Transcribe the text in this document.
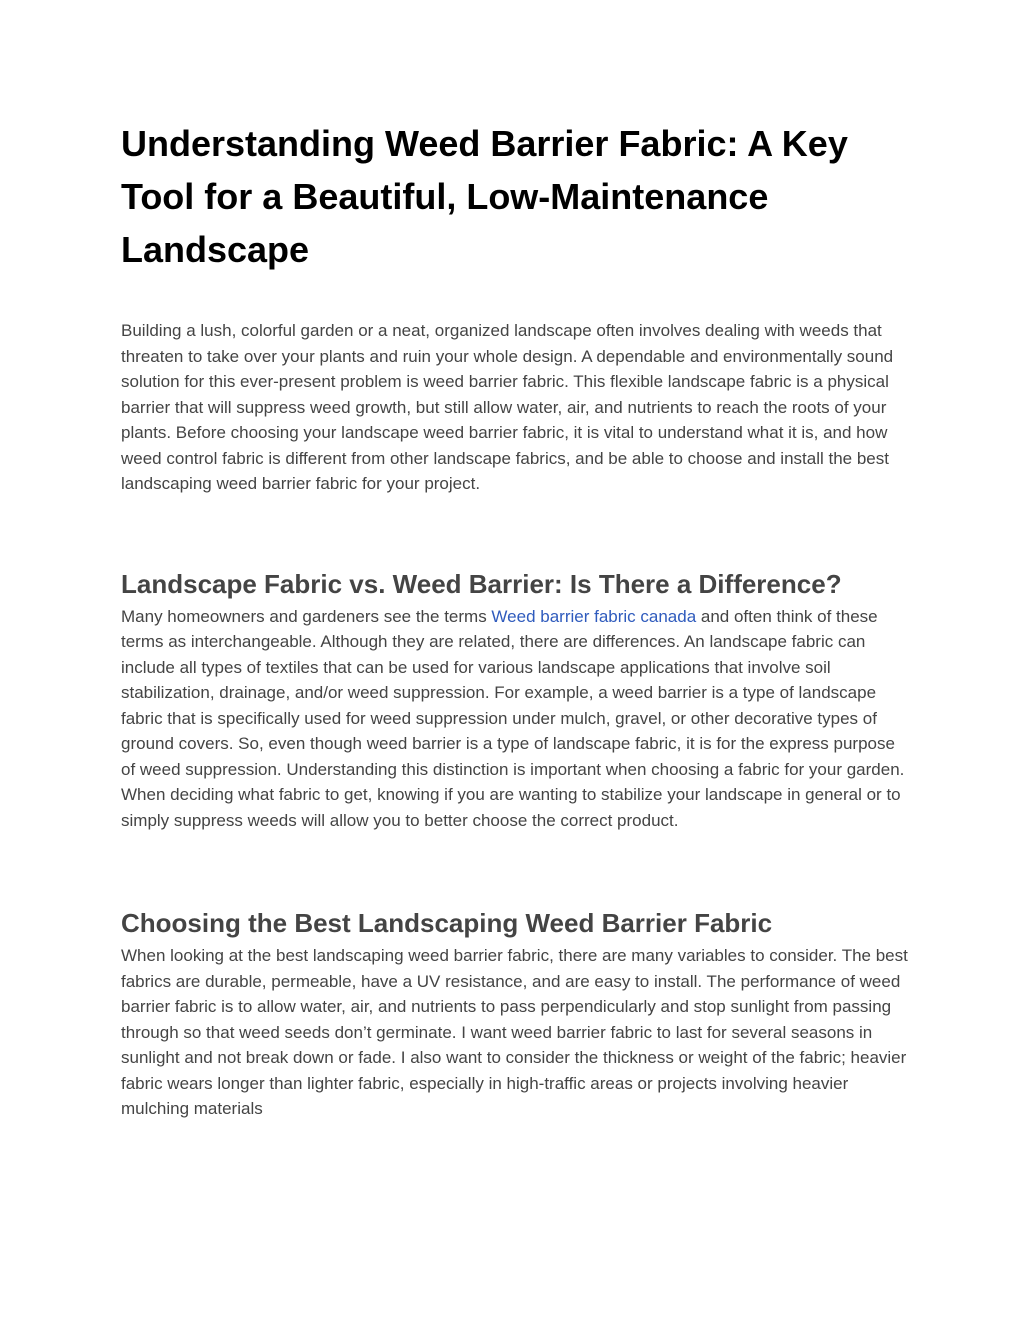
Understanding Weed Barrier Fabric: A Key Tool for a Beautiful, Low-Maintenance Landscape

Building a lush, colorful garden or a neat, organized landscape often involves dealing with weeds that threaten to take over your plants and ruin your whole design. A dependable and environmentally sound solution for this ever-present problem is weed barrier fabric. This flexible landscape fabric is a physical barrier that will suppress weed growth, but still allow water, air, and nutrients to reach the roots of your plants. Before choosing your landscape weed barrier fabric, it is vital to understand what it is, and how weed control fabric is different from other landscape fabrics, and be able to choose and install the best landscaping weed barrier fabric for your project.

Landscape Fabric vs. Weed Barrier: Is There a Difference?

Many homeowners and gardeners see the terms Weed barrier fabric canada and often think of these terms as interchangeable. Although they are related, there are differences. An landscape fabric can include all types of textiles that can be used for various landscape applications that involve soil stabilization, drainage, and/or weed suppression. For example, a weed barrier is a type of landscape fabric that is specifically used for weed suppression under mulch, gravel, or other decorative types of ground covers. So, even though weed barrier is a type of landscape fabric, it is for the express purpose of weed suppression. Understanding this distinction is important when choosing a fabric for your garden. When deciding what fabric to get, knowing if you are wanting to stabilize your landscape in general or to simply suppress weeds will allow you to better choose the correct product.

Choosing the Best Landscaping Weed Barrier Fabric

When looking at the best landscaping weed barrier fabric, there are many variables to consider. The best fabrics are durable, permeable, have a UV resistance, and are easy to install. The performance of weed barrier fabric is to allow water, air, and nutrients to pass perpendicularly and stop sunlight from passing through so that weed seeds don’t germinate. I want weed barrier fabric to last for several seasons in sunlight and not break down or fade. I also want to consider the thickness or weight of the fabric; heavier fabric wears longer than lighter fabric, especially in high-traffic areas or projects involving heavier mulching materials
